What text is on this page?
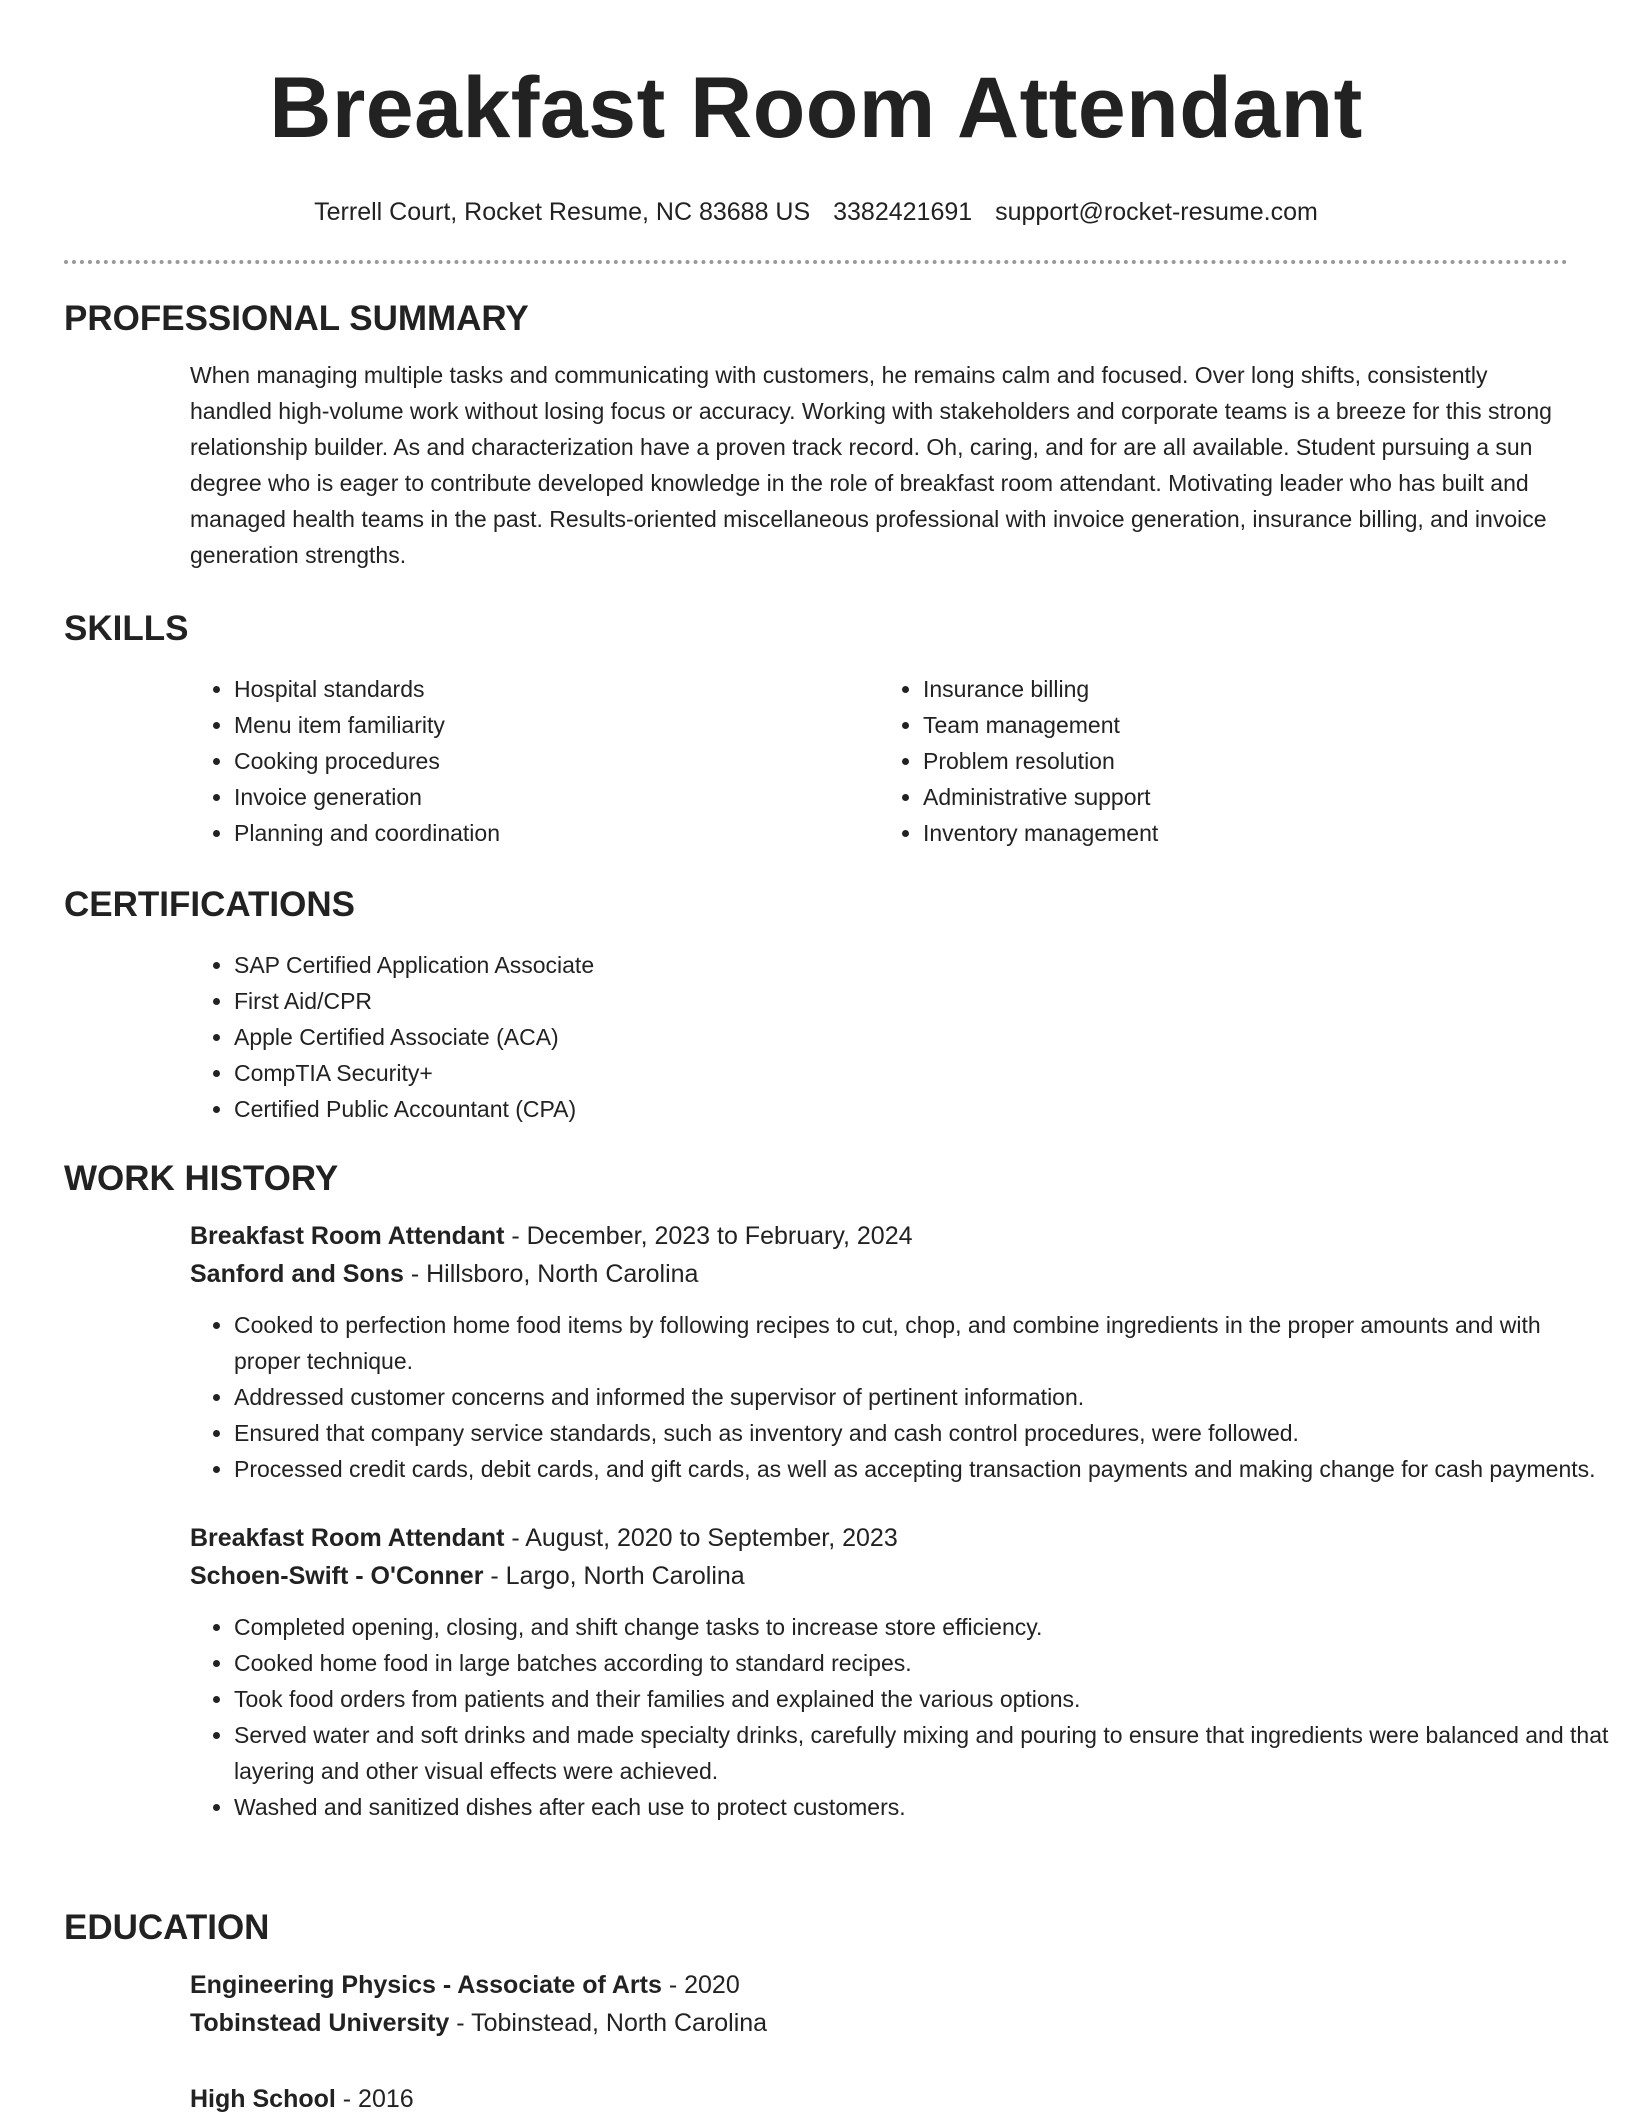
Breakfast Room Attendant
Terrell Court, Rocket Resume, NC 83688 US 3382421691 support@rocket-resume.com
PROFESSIONAL SUMMARY
When managing multiple tasks and communicating with customers, he remains calm and focused. Over long shifts, consistently handled high-volume work without losing focus or accuracy. Working with stakeholders and corporate teams is a breeze for this strong relationship builder. As and characterization have a proven track record. Oh, caring, and for are all available. Student pursuing a sun degree who is eager to contribute developed knowledge in the role of breakfast room attendant. Motivating leader who has built and managed health teams in the past. Results-oriented miscellaneous professional with invoice generation, insurance billing, and invoice generation strengths.
SKILLS
• Hospital standards
• Menu item familiarity
• Cooking procedures
• Invoice generation
• Planning and coordination
• Insurance billing
• Team management
• Problem resolution
• Administrative support
• Inventory management
CERTIFICATIONS
• SAP Certified Application Associate
• First Aid/CPR
• Apple Certified Associate (ACA)
• CompTIA Security+
• Certified Public Accountant (CPA)
WORK HISTORY
Breakfast Room Attendant - December, 2023 to February, 2024
Sanford and Sons - Hillsboro, North Carolina
• Cooked to perfection home food items by following recipes to cut, chop, and combine ingredients in the proper amounts and with proper technique.
• Addressed customer concerns and informed the supervisor of pertinent information.
• Ensured that company service standards, such as inventory and cash control procedures, were followed.
• Processed credit cards, debit cards, and gift cards, as well as accepting transaction payments and making change for cash payments.
Breakfast Room Attendant - August, 2020 to September, 2023
Schoen-Swift - O'Conner - Largo, North Carolina
• Completed opening, closing, and shift change tasks to increase store efficiency.
• Cooked home food in large batches according to standard recipes.
• Took food orders from patients and their families and explained the various options.
• Served water and soft drinks and made specialty drinks, carefully mixing and pouring to ensure that ingredients were balanced and that layering and other visual effects were achieved.
• Washed and sanitized dishes after each use to protect customers.
EDUCATION
Engineering Physics - Associate of Arts - 2020
Tobinstead University - Tobinstead, North Carolina
High School - 2016
